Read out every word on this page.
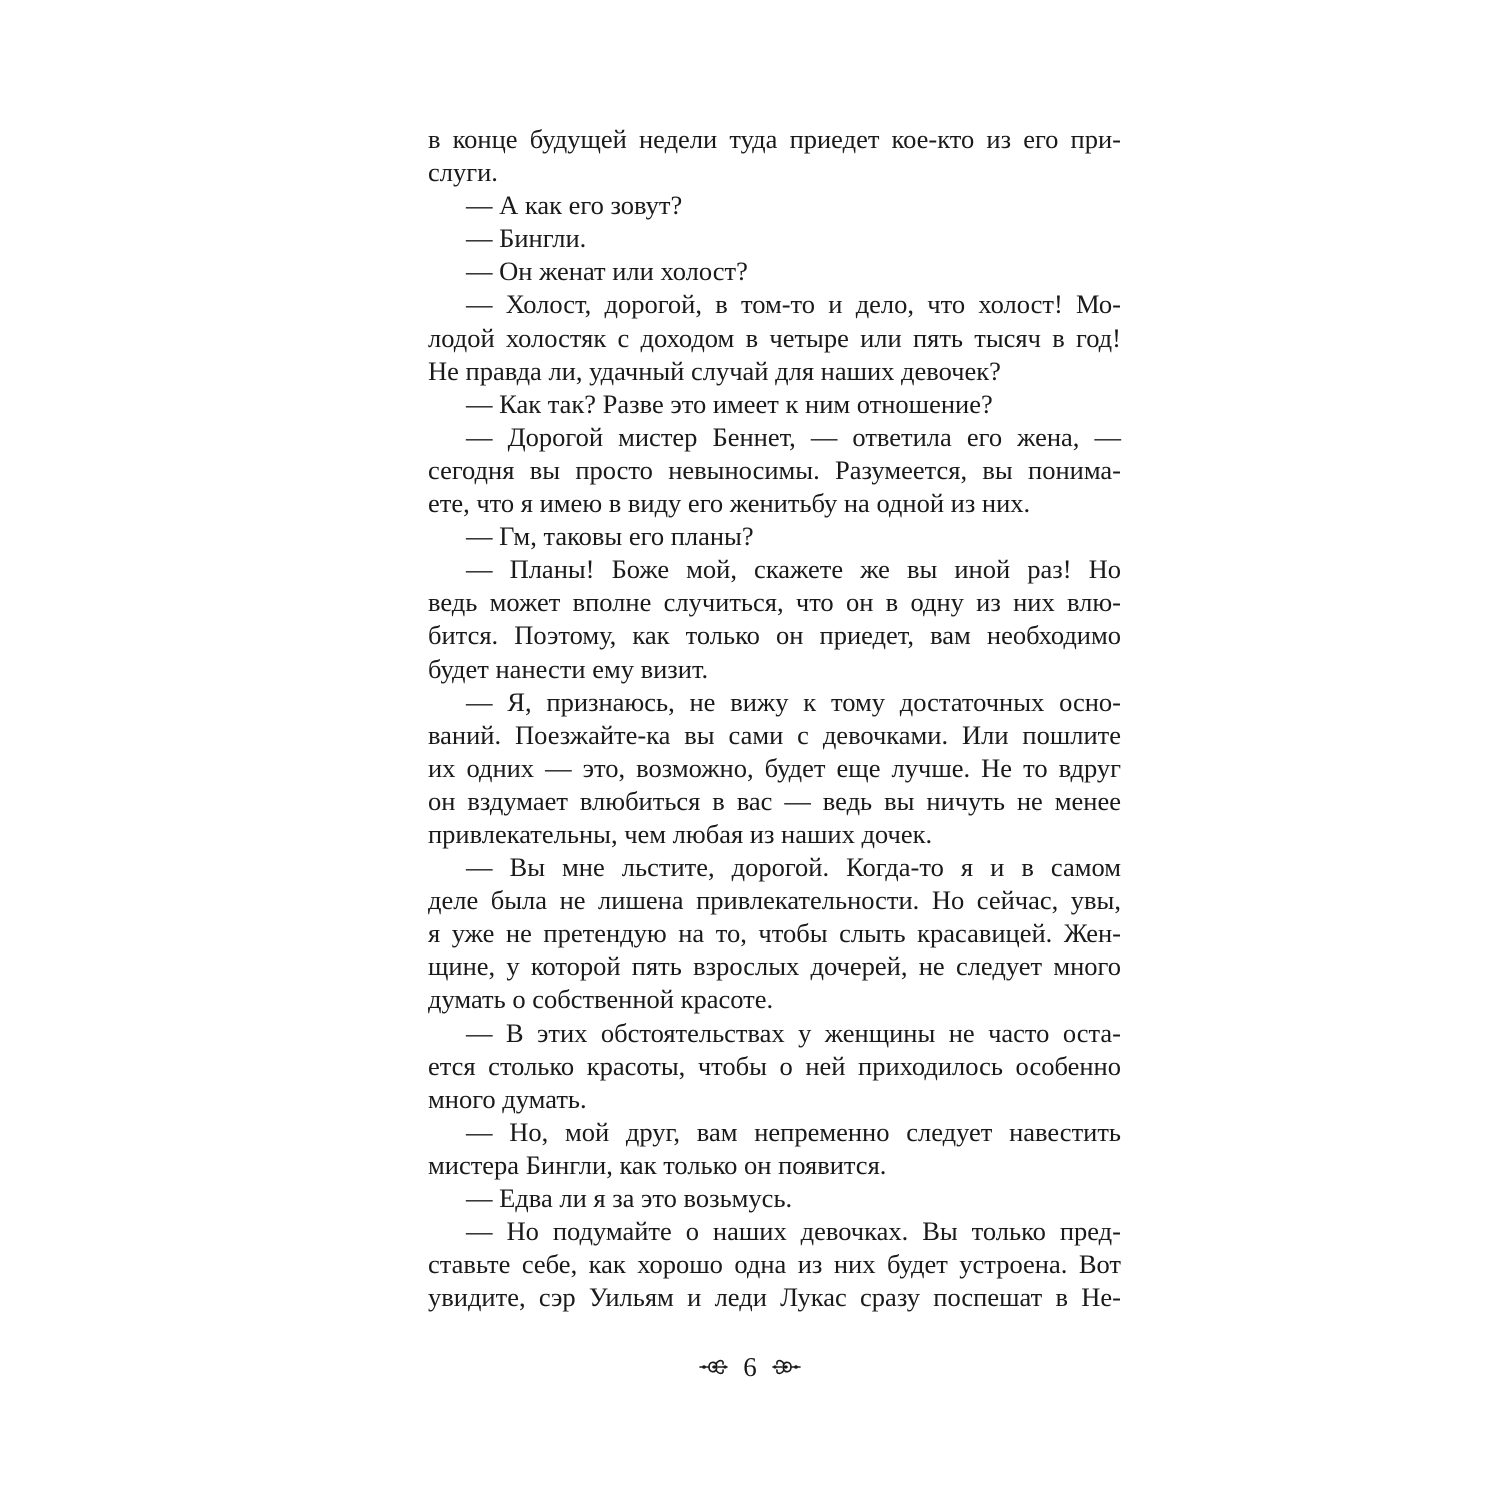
в конце будущей недели туда приедет кое-кто из его при-
слуги.
— А как его зовут?
— Бингли.
— Он женат или холост?
— Холост, дорогой, в том-то и дело, что холост! Мо-
лодой холостяк с доходом в четыре или пять тысяч в год!
Не правда ли, удачный случай для наших девочек?
— Как так? Разве это имеет к ним отношение?
— Дорогой мистер Беннет, — ответила его жена, —
сегодня вы просто невыносимы. Разумеется, вы понима-
ете, что я имею в виду его женитьбу на одной из них.
— Гм, таковы его планы?
— Планы! Боже мой, скажете же вы иной раз! Но
ведь может вполне случиться, что он в одну из них влю-
бится. Поэтому, как только он приедет, вам необходимо
будет нанести ему визит.
— Я, признаюсь, не вижу к тому достаточных осно-
ваний. Поезжайте-ка вы сами с девочками. Или пошлите
их одних — это, возможно, будет еще лучше. Не то вдруг
он вздумает влюбиться в вас — ведь вы ничуть не менее
привлекательны, чем любая из наших дочек.
— Вы мне льстите, дорогой. Когда-то я и в самом
деле была не лишена привлекательности. Но сейчас, увы,
я уже не претендую на то, чтобы слыть красавицей. Жен-
щине, у которой пять взрослых дочерей, не следует много
думать о собственной красоте.
— В этих обстоятельствах у женщины не часто оста-
ется столько красоты, чтобы о ней приходилось особенно
много думать.
— Но, мой друг, вам непременно следует навестить
мистера Бингли, как только он появится.
— Едва ли я за это возьмусь.
— Но подумайте о наших девочках. Вы только пред-
ставьте себе, как хорошо одна из них будет устроена. Вот
увидите, сэр Уильям и леди Лукас сразу поспешат в Не-
6
